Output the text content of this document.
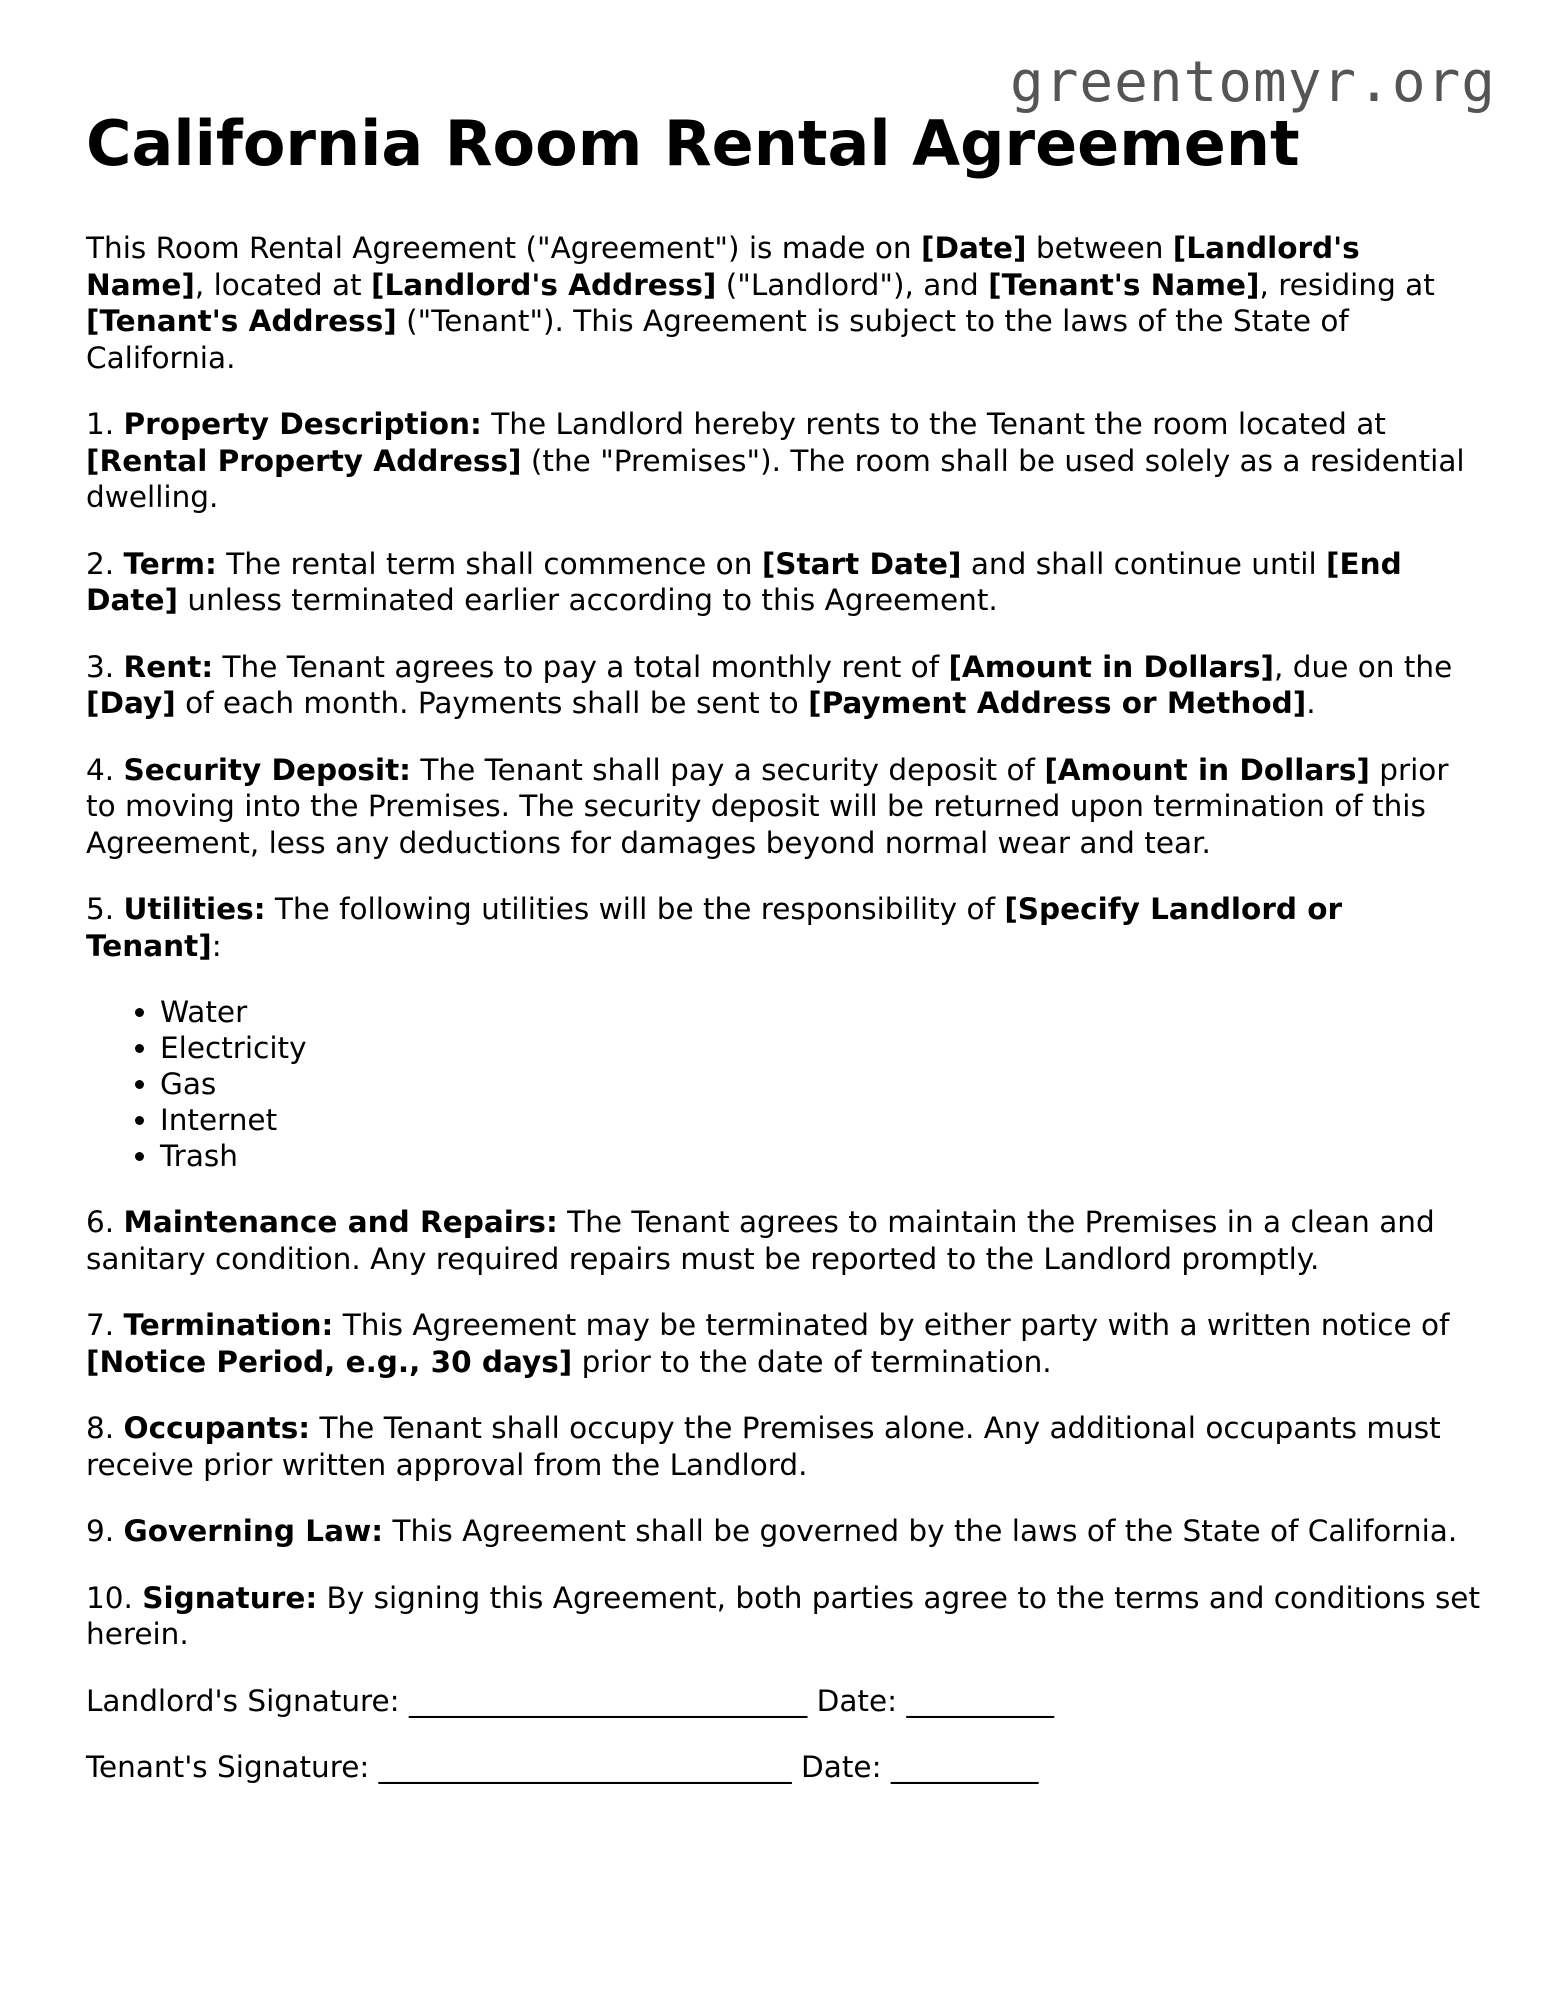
greentomyr.org
California Room Rental Agreement

This Room Rental Agreement ("Agreement") is made on [Date] between [Landlord's Name], located at [Landlord's Address] ("Landlord"), and [Tenant's Name], residing at [Tenant's Address] ("Tenant"). This Agreement is subject to the laws of the State of California.

1. Property Description: The Landlord hereby rents to the Tenant the room located at [Rental Property Address] (the "Premises"). The room shall be used solely as a residential dwelling.

2. Term: The rental term shall commence on [Start Date] and shall continue until [End Date] unless terminated earlier according to this Agreement.

3. Rent: The Tenant agrees to pay a total monthly rent of [Amount in Dollars], due on the [Day] of each month. Payments shall be sent to [Payment Address or Method].

4. Security Deposit: The Tenant shall pay a security deposit of [Amount in Dollars] prior to moving into the Premises. The security deposit will be returned upon termination of this Agreement, less any deductions for damages beyond normal wear and tear.

5. Utilities: The following utilities will be the responsibility of [Specify Landlord or Tenant]:

• Water
• Electricity
• Gas
• Internet
• Trash

6. Maintenance and Repairs: The Tenant agrees to maintain the Premises in a clean and sanitary condition. Any required repairs must be reported to the Landlord promptly.

7. Termination: This Agreement may be terminated by either party with a written notice of [Notice Period, e.g., 30 days] prior to the date of termination.

8. Occupants: The Tenant shall occupy the Premises alone. Any additional occupants must receive prior written approval from the Landlord.

9. Governing Law: This Agreement shall be governed by the laws of the State of California.

10. Signature: By signing this Agreement, both parties agree to the terms and conditions set herein.

Landlord's Signature: ___________________________ Date: __________
Tenant's Signature: ____________________________ Date: __________
